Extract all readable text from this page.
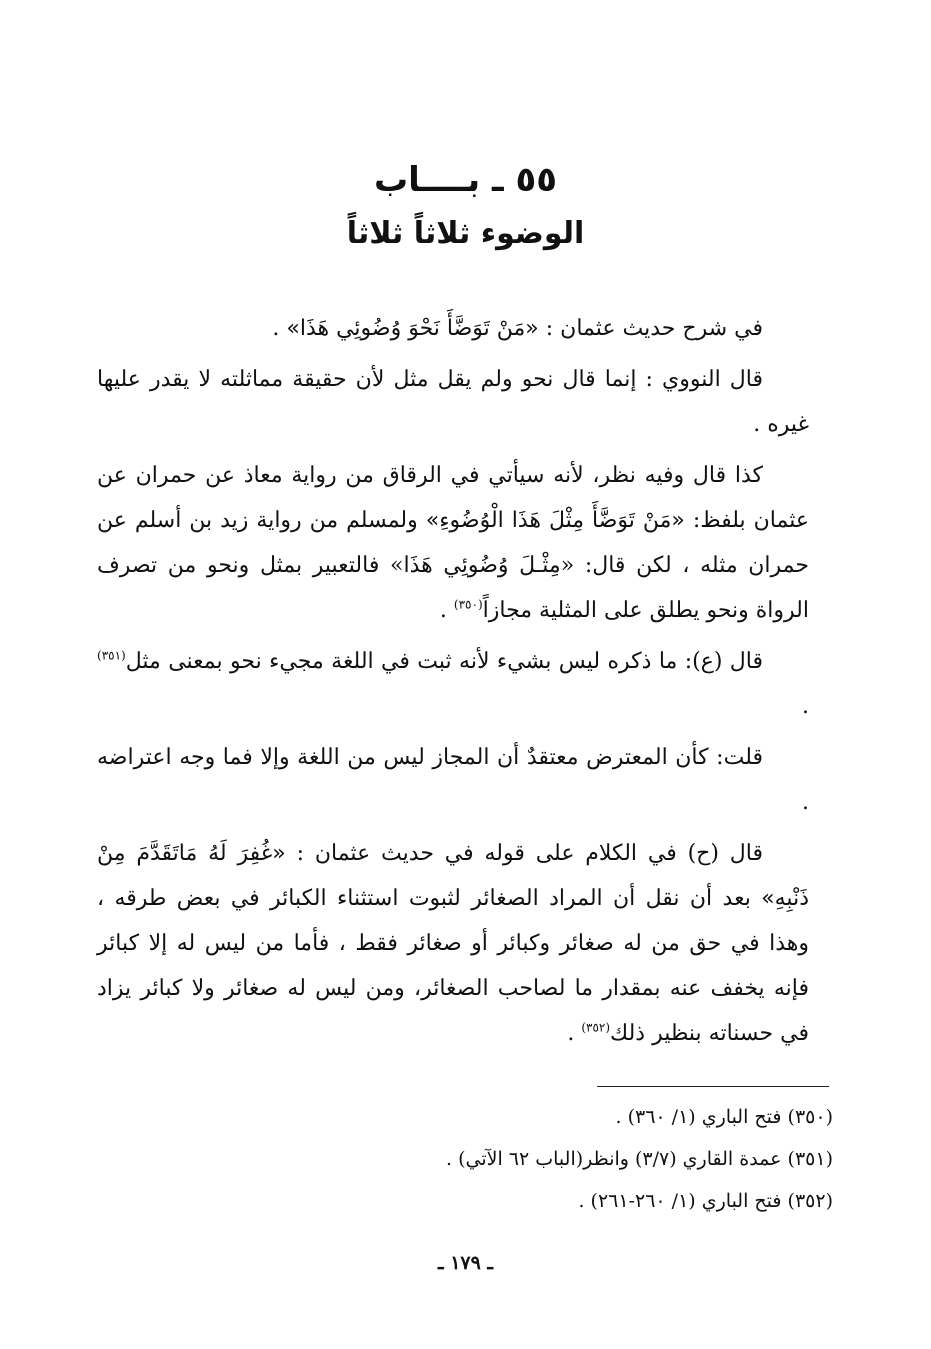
٥٥ ـ بــــاب
الوضوء ثلاثاً ثلاثاً

في شرح حديث عثمان : «مَنْ تَوَضَّأَ نَحْوَ وُضُوئِي هَذَا» .

قال النووي : إنما قال نحو ولم يقل مثل لأن حقيقة مماثلته لا يقدر عليها غيره .

كذا قال وفيه نظر، لأنه سيأتي في الرقاق من رواية معاذ عن حمران عن عثمان بلفظ: «مَنْ تَوَضَّأَ مِثْلَ هَذَا الْوُضُوءِ» ولمسلم من رواية زيد بن أسلم عن حمران مثله ، لكن قال: «مِثْـلَ وُضُوئِي هَذَا» فالتعبير بمثل ونحو من تصرف الرواة ونحو يطلق على المثلية مجازاً$^{(٣٥٠)}$ .

قال (ع): ما ذكره ليس بشيء لأنه ثبت في اللغة مجيء نحو بمعنى مثل$^{(٣٥١)}$ .

قلت: كأن المعترض معتقدٌ أن المجاز ليس من اللغة وإلا فما وجه اعتراضه .

قال (ح) في الكلام على قوله في حديث عثمان : «غُفِرَ لَهُ مَاتَقَدَّمَ مِنْ ذَنْبِهِ» بعد أن نقل أن المراد الصغائر لثبوت استثناء الكبائر في بعض طرقه ، وهذا في حق من له صغائر وكبائر أو صغائر فقط ، فأما من ليس له إلا كبائر فإنه يخفف عنه بمقدار ما لصاحب الصغائر، ومن ليس له صغائر ولا كبائر يزاد في حسناته بنظير ذلك$^{(٣٥٢)}$ .

(٣٥٠) فتح الباري (١/ ٣٦٠) .
(٣٥١) عمدة القاري (٣/٧) وانظر(الباب ٦٢ الآتي) .
(٣٥٢) فتح الباري (١/ ٢٦٠-٢٦١) .
ـ ١٧٩ ـ
